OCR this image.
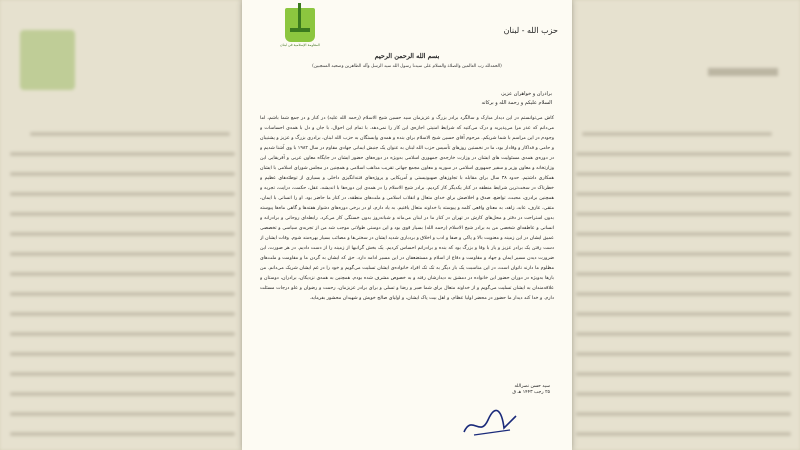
المقاومة الإسلامية في لبنان
حزب الله - لبنان
بسم الله الرحمن الرحيم
(الحمدلله رب العالمين والصلاة والسلام علی سیدنا رسول الله سید الرسل وآله الطاهرین وصحبه المنتجبین)
برادران و خواهران عزیز،
السلام علیکم و رحمة الله و برکاته
کاش می‌توانستم در این دیدار مبارک و سالگرد برادر بزرگ و عزیزمان سید حسین شیخ الاسلام (رحمه الله علیه) در کنار و در جمع شما باشم، اما می‌دانم که عذر مرا می‌پذیرید و درک می‌کنید که شرایط امنیتی اجازه‌ی این کار را نمی‌دهد. با تمام این احوال، با جان و دل با همه‌ی احساسات و وجودم در این مراسم با شما شریکم. مرحوم آقای حسین شیخ الاسلام برای بنده و همه‌ی وابستگان به حزب الله لبنان، برادری بزرگ و عزیز و پشتیبان و حامی و فداکار و وفادار بود، ما در نخستین روزهای تأسیس حزب الله لبنان به عنوان یک جنبش ایمانی جهادی مقاوم در سال ۱۹۸۲ با وی آشنا شدیم و در دوره‌ی همه‌ی مسئولیت های ایشان در وزارت خارجه‌ی جمهوری اسلامی به‌ویژه در دوره‌های حضور ایشان در جایگاه معاون عربی و آفریقایی این وزارتخانه و معاون وزیر و سفیر جمهوری اسلامی در سوریه و معاون مجمع جهانی تقریب مذاهب اسلامی و همچنین در مجلس شورای اسلامی با ایشان همکاری داشتیم. حدود ۳۸ سال برای مقابله با تجاوزهای صهیونیستی و آمریکایی و پروژه‌های فتنه‌انگیزی داخلی و بسیاری از توطئه‌های عظیم و خطرناک در سخت‌ترین شرایط منطقه در کنار یکدیگر کار کردیم. برادر شیخ الاسلام را در همه‌ی این دوره‌ها با اندیشه، عقل، حکمت، درایت، تجربه و همچنین برادری، محبت، تواضع، صدق و اخلاصش برای خدای متعال و انقلاب اسلامی و ملت‌های منطقه، در کنار ما حاضر بود. او را انسانی با ایمان، متقی، عارف، عابد، زاهد، به معنای واقعی کلمه و پیوسته با خداوند متعال یافتیم. به یاد دارم، او در برخی دوره‌های دشوار هفته‌ها و گاهی ماه‌ها پیوسته بدون استراحت در دفتر و محل‌های کارش در تهران در کنار ما در لبنان می‌ماند و شبانه‌روز بدون خستگی کار می‌کرد. رابطه‌ای روحانی و برادرانه و انسانی و عاطفه‌ای شخصی من به برادر شیخ الاسلام (رحمه الله) بسیار قوی بود و این دوستی طولانی موجب شد من از تجربه‌ی سیاسی و تخصصی عمیق ایشان در این زمینه و معنویت بالا و پاکی و صفا و ادب و اخلاق و بردباری شدید ایشان در سختی‌ها و مصائب بسیار بهره‌مند شوم. وفات ایشان از دست رفتن یک برادر عزیز و یار با وفا و بزرگ بود که بنده و برادرانم احساس کردیم. یک بخش گرانبها از زمینه را از دست دادیم. در هر صورت، این ضرورت دیدن مسیر ایمان و جهاد و مقاومت و دفاع از اسلام و مستضعفان در این مسیر ادامه دارد. حق که ایشان به گردن ما و مقاومت و ملت‌های مظلوم ما دارند ناتوان است، در این مناسبت یک بار دیگر به تک تک افراد خانواده‌ی ایشان تسلیت می‌گویم و خود را در غم ایشان شریک می‌دانم. من بارها به‌ویژه در دوران حضور این خانواده در دمشق به دیدارشان رفته و به خصوص مشرف شده بودم. همچنین به همه‌ی نزدیکان، برادران، دوستان و علاقه‌مندان به ایشان تسلیت می‌گویم و از خداوند متعال برای شما صبر و رضا و تسلی و برای برادر عزیزمان، رحمت و رضوان و علو درجات مسئلت دارم. و خدا کند دیدار ما حضور در محضر اولیا عظام، و اهل بیت پاک ایشان، و اولیای صالح خویش و شهیدان محشور بفرماید.
سید حسن نصرالله
۲۵ رجب ۱۴۴۳ هـ ق
